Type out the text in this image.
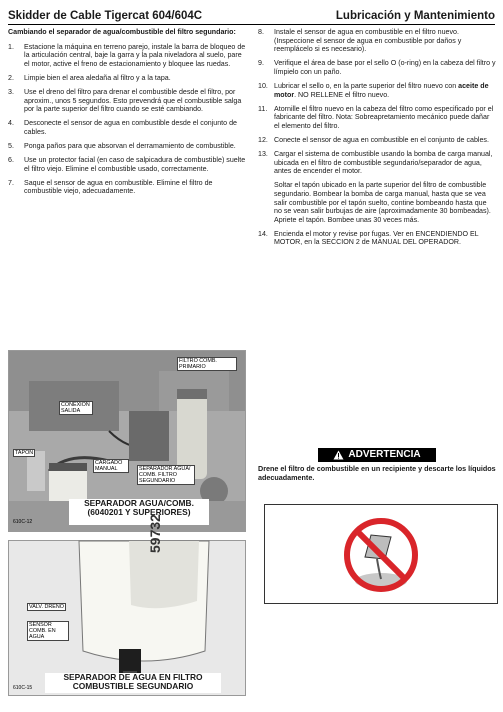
Skidder de Cable Tigercat 604/604C	Lubricación y Mantenimiento
Cambiando el separador de agua/combustible del filtro segundario:
1.	Estacione la máquina en terreno parejo, instale la barra de bloqueo de la articulación central, baje la garra y la pala niveladora al suelo, pare el motor, active el freno de estacionamiento y bloquee las ruedas.
2.	Limpie bien el area aledaña al filtro y a la tapa.
3.	Use el dreno del filtro para drenar el combustible desde el filtro, por aproxim., unos 5 segundos. Esto prevendrá que el combustible salga por la parte superior del filtro cuando se esté cambiando.
4.	Desconecte el sensor de agua en combustible desde el conjunto de cables.
5.	Ponga paños para que absorvan el derramamiento de combustible.
6.	Use un protector facial (en caso de salpicadura de combustible) suelte el filtro viejo. Elimine el combustible usado, correctamente.
7.	Saque el sensor de agua en combustible. Elimine el filtro de combustible viejo, adecuadamente.
FILTRO COMB. PRIMARIO
CONEXION SALIDA
TAPON
CARGADO MANUAL	SEPARADOR AGUA/ COMB. FILTRO SEGUNDARIO
SEPARADOR AGUA/COMB.
(6040201 Y SUPERIORES)
610C-12	59732
VALV. DRENO
SENSOR COMB. EN AGUA
SEPARADOR DE AGUA EN FILTRO
COMBUSTIBLE SEGUNDARIO
610C-15
8.	Instale el sensor de agua en combustible en el filtro nuevo. (Inspeccione el sensor de agua en combustible por daños y reemplácelo si es necesario).
9.	Verifique el área de base por el sello O (o-ring) en la cabeza del filtro y límpielo con un paño.
10. Lubricar el sello o, en la parte superior del filtro nuevo con aceite de motor. NO RELLENE el filtro nuevo.
11. Atornille el filtro nuevo en la cabeza del filtro como especificado por el fabricante del filtro. Nota: Sobreapretamiento mecánico puede dañar el elemento del filtro.
12. Conecte el sensor de agua en combustible en el conjunto de cables.
13. Cargar el sistema de combustible usando la bomba de carga manual, ubicada en el filtro de combustible segundario/separador de agua, antes de encender el motor.
Soltar el tapón ubicado en la parte superior del filtro de combustible segundario. Bombear la bomba de carga manual, hasta que se vea salir combustible por el tapón suelto, contine bombeando hasta que no se vean salir burbujas de aire (aproximadamente 30 bombeadas). Apriete el tapón. Bombee unas 30 veces más.
14. Encienda el motor y revise por fugas. Ver en ENCENDIENDO EL MOTOR, en la SECCION 2 de MANUAL DEL OPERADOR.
ADVERTENCIA
Drene el filtro de combustible en un recipiente y descarte los líquidos adecuadamente.
